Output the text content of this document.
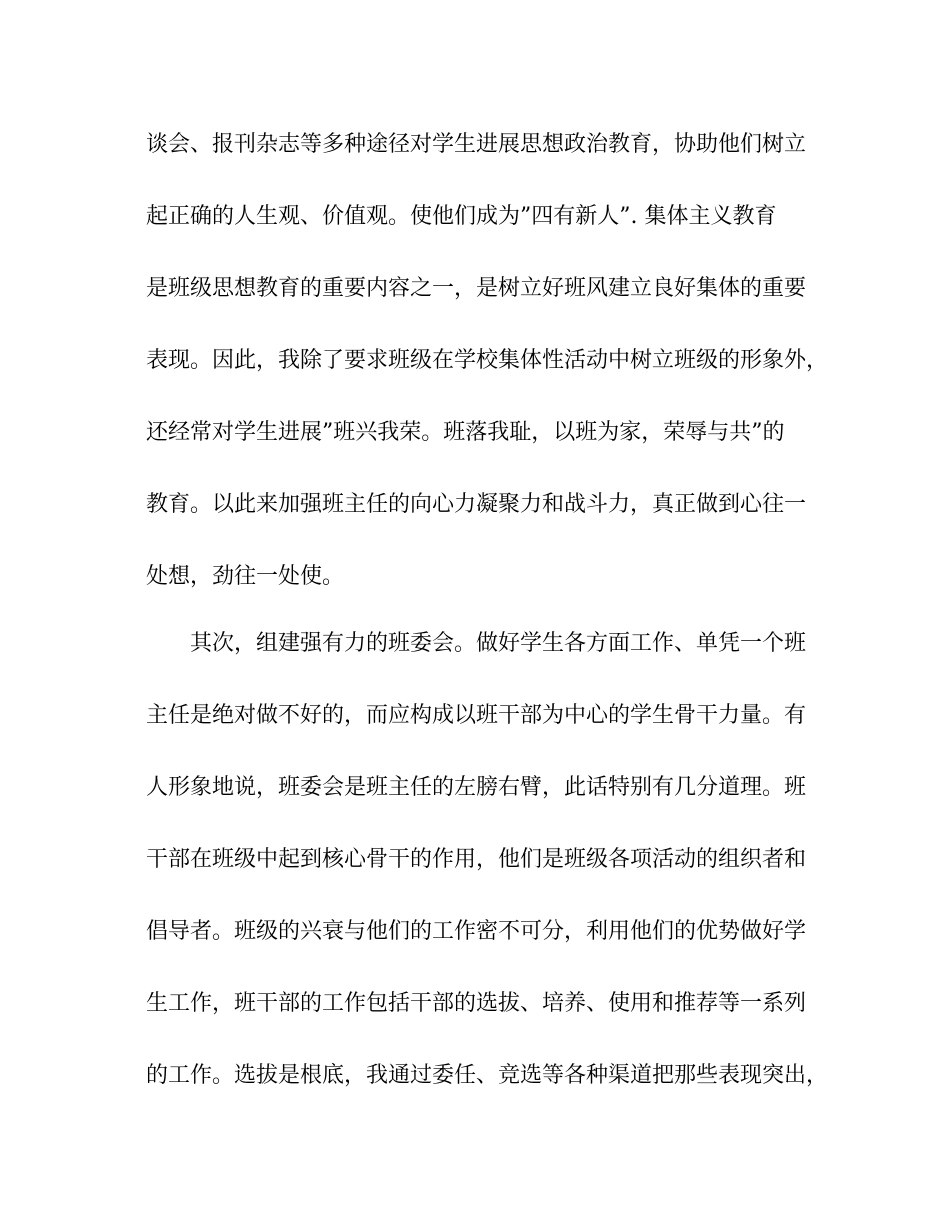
谈会、报刊杂志等多种途径对学生进展思想政治教育，协助他们树立
起正确的人生观、价值观。使他们成为”四有新人”. 集体主义教育
是班级思想教育的重要内容之一，是树立好班风建立良好集体的重要
表现。因此，我除了要求班级在学校集体性活动中树立班级的形象外，
还经常对学生进展”班兴我荣。班落我耻，以班为家，荣辱与共”的
教育。以此来加强班主任的向心力凝聚力和战斗力，真正做到心往一
处想，劲往一处使。
其次，组建强有力的班委会。做好学生各方面工作、单凭一个班
主任是绝对做不好的，而应构成以班干部为中心的学生骨干力量。有
人形象地说，班委会是班主任的左膀右臂，此话特别有几分道理。班
干部在班级中起到核心骨干的作用，他们是班级各项活动的组织者和
倡导者。班级的兴衰与他们的工作密不可分，利用他们的优势做好学
生工作，班干部的工作包括干部的选拔、培养、使用和推荐等一系列
的工作。选拔是根底，我通过委任、竞选等各种渠道把那些表现突出，
